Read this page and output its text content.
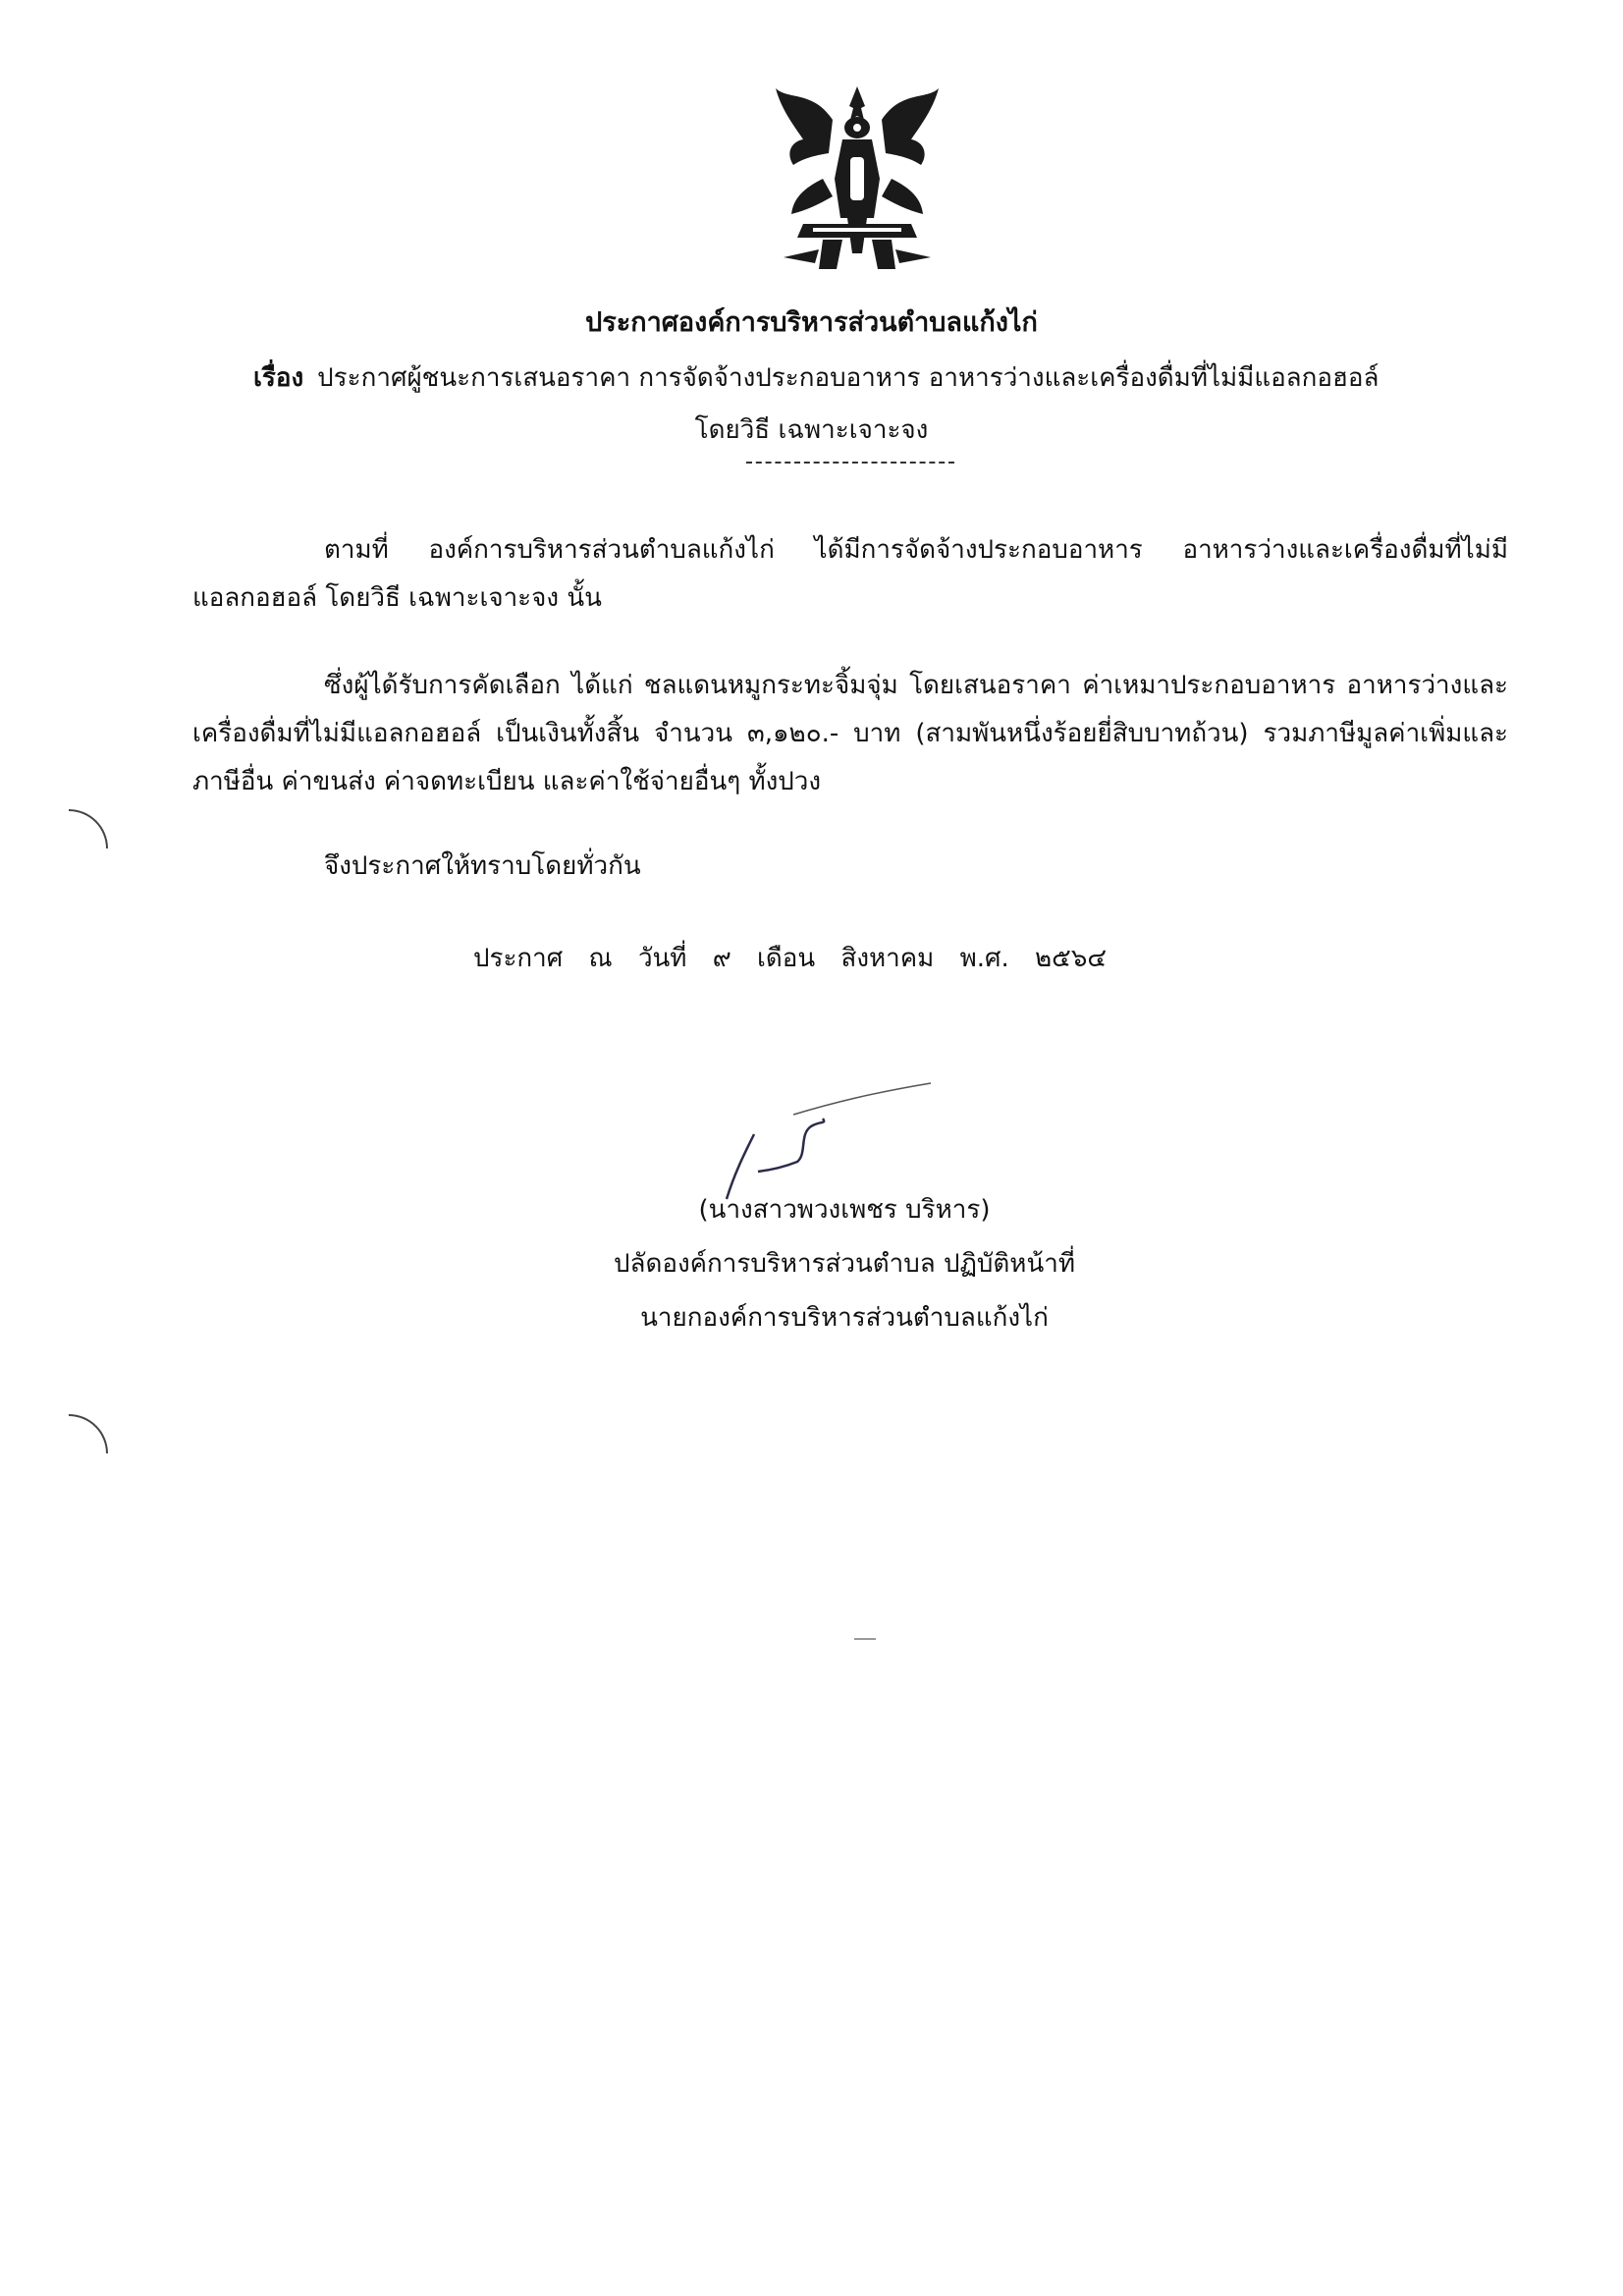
ประกาศองค์การบริหารส่วนตำบลแก้งไก่
เรื่อง ประกาศผู้ชนะการเสนอราคา การจัดจ้างประกอบอาหาร อาหารว่างและเครื่องดื่มที่ไม่มีแอลกอฮอล์
โดยวิธี เฉพาะเจาะจง
ตามที่ องค์การบริหารส่วนตำบลแก้งไก่ ได้มีการจัดจ้างประกอบอาหาร อาหารว่างและเครื่องดื่มที่ไม่มีแอลกอฮอล์ โดยวิธี เฉพาะเจาะจง นั้น
ซึ่งผู้ได้รับการคัดเลือก ได้แก่ ชลแดนหมูกระทะจิ้มจุ่ม โดยเสนอราคา ค่าเหมาประกอบอาหาร อาหารว่างและเครื่องดื่มที่ไม่มีแอลกอฮอล์ เป็นเงินทั้งสิ้น จำนวน ๓,๑๒๐.- บาท (สามพันหนึ่งร้อยยี่สิบบาทถ้วน) รวมภาษีมูลค่าเพิ่มและภาษีอื่น ค่าขนส่ง ค่าจดทะเบียน และค่าใช้จ่ายอื่นๆ ทั้งปวง
จึงประกาศให้ทราบโดยทั่วกัน
ประกาศ ณ วันที่ ๙ เดือน สิงหาคม พ.ศ. ๒๕๖๔
(นางสาวพวงเพชร บริหาร)
ปลัดองค์การบริหารส่วนตำบล ปฏิบัติหน้าที่
นายกองค์การบริหารส่วนตำบลแก้งไก่
